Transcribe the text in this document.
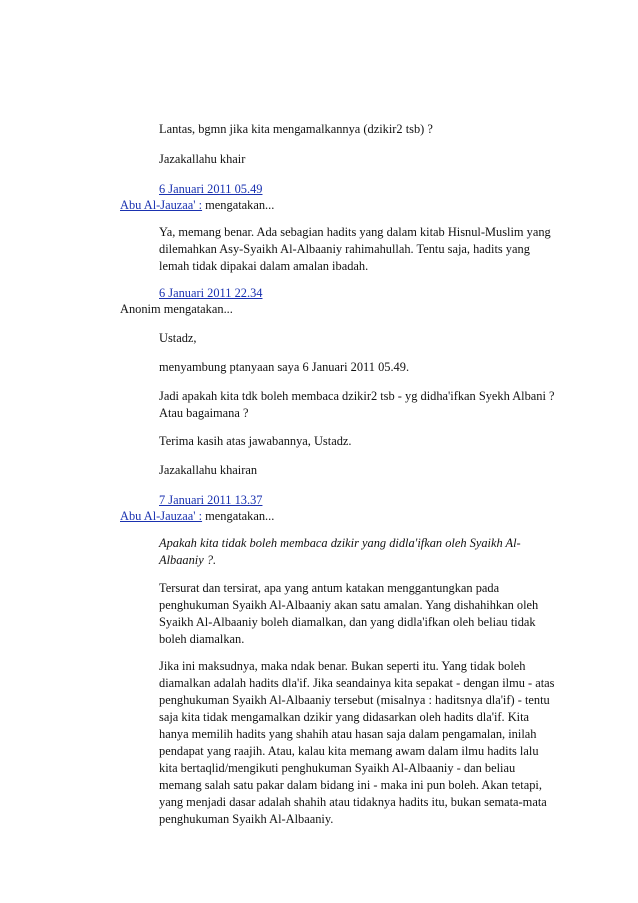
Lantas, bgmn jika kita mengamalkannya (dzikir2 tsb) ?

Jazakallahu khair

6 Januari 2011 05.49

Abu Al-Jauzaa' : mengatakan...

Ya, memang benar. Ada sebagian hadits yang dalam kitab Hisnul-Muslim yang dilemahkan Asy-Syaikh Al-Albaaniy rahimahullah. Tentu saja, hadits yang lemah tidak dipakai dalam amalan ibadah.

6 Januari 2011 22.34

Anonim mengatakan...

Ustadz,

menyambung ptanyaan saya 6 Januari 2011 05.49.

Jadi apakah kita tdk boleh membaca dzikir2 tsb - yg didha'ifkan Syekh Albani ? Atau bagaimana ?

Terima kasih atas jawabannya, Ustadz.

Jazakallahu khairan

7 Januari 2011 13.37

Abu Al-Jauzaa' : mengatakan...

Apakah kita tidak boleh membaca dzikir yang didla'ifkan oleh Syaikh Al-Albaaniy ?.

Tersurat dan tersirat, apa yang antum katakan menggantungkan pada penghukuman Syaikh Al-Albaaniy akan satu amalan. Yang dishahihkan oleh Syaikh Al-Albaaniy boleh diamalkan, dan yang didla'ifkan oleh beliau tidak boleh diamalkan.

Jika ini maksudnya, maka ndak benar. Bukan seperti itu. Yang tidak boleh diamalkan adalah hadits dla'if. Jika seandainya kita sepakat - dengan ilmu - atas penghukuman Syaikh Al-Albaaniy tersebut (misalnya : haditsnya dla'if) - tentu saja kita tidak mengamalkan dzikir yang didasarkan oleh hadits dla'if. Kita hanya memilih hadits yang shahih atau hasan saja dalam pengamalan, inilah pendapat yang raajih. Atau, kalau kita memang awam dalam ilmu hadits lalu kita bertaqlid/mengikuti penghukuman Syaikh Al-Albaaniy - dan beliau memang salah satu pakar dalam bidang ini - maka ini pun boleh. Akan tetapi, yang menjadi dasar adalah shahih atau tidaknya hadits itu, bukan semata-mata penghukuman Syaikh Al-Albaaniy.
